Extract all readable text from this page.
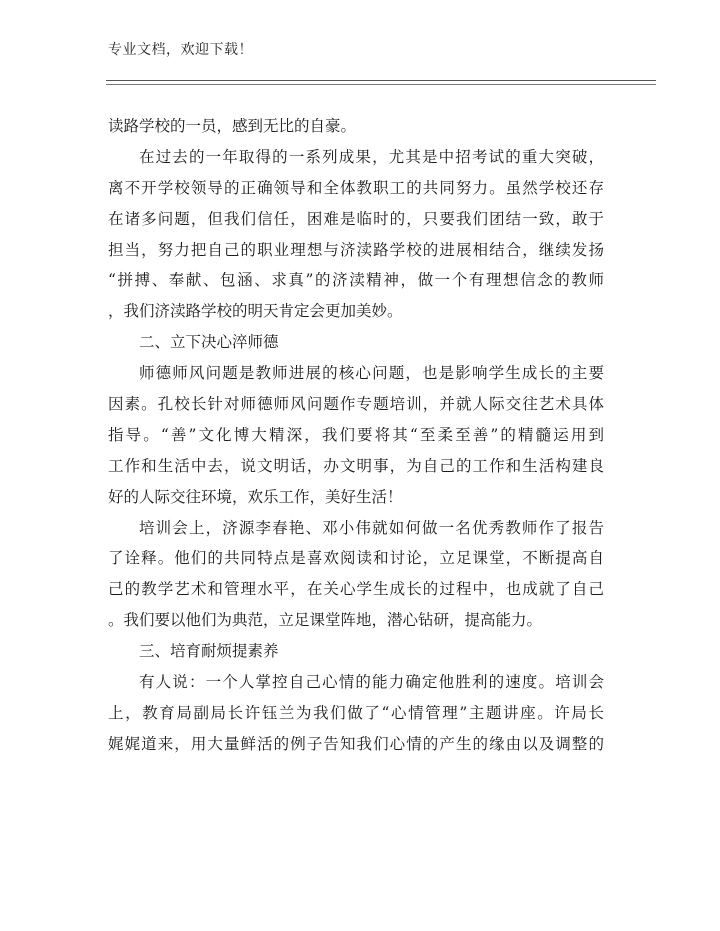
专业文档，欢迎下载！
读路学校的一员，感到无比的自豪。
在过去的一年取得的一系列成果，尤其是中招考试的重大突破，
离不开学校领导的正确领导和全体教职工的共同努力。虽然学校还存
在诸多问题，但我们信任，困难是临时的，只要我们团结一致，敢于
担当，努力把自己的职业理想与济渎路学校的进展相结合，继续发扬
“拼搏、奉献、包涵、求真”的济渎精神，做一个有理想信念的教师
，我们济渎路学校的明天肯定会更加美妙。
二、立下决心淬师德
师德师风问题是教师进展的核心问题，也是影响学生成长的主要
因素。孔校长针对师德师风问题作专题培训，并就人际交往艺术具体
指导。“善”文化博大精深，我们要将其“至柔至善”的精髓运用到
工作和生活中去，说文明话，办文明事，为自己的工作和生活构建良
好的人际交往环境，欢乐工作，美好生活！
培训会上，济源李春艳、邓小伟就如何做一名优秀教师作了报告
了诠释。他们的共同特点是喜欢阅读和讨论，立足课堂，不断提高自
己的教学艺术和管理水平，在关心学生成长的过程中，也成就了自己
。我们要以他们为典范，立足课堂阵地，潜心钻研，提高能力。
三、培育耐烦提素养
有人说：一个人掌控自己心情的能力确定他胜利的速度。培训会
上，教育局副局长许钰兰为我们做了“心情管理”主题讲座。许局长
娓娓道来，用大量鲜活的例子告知我们心情的产生的缘由以及调整的
